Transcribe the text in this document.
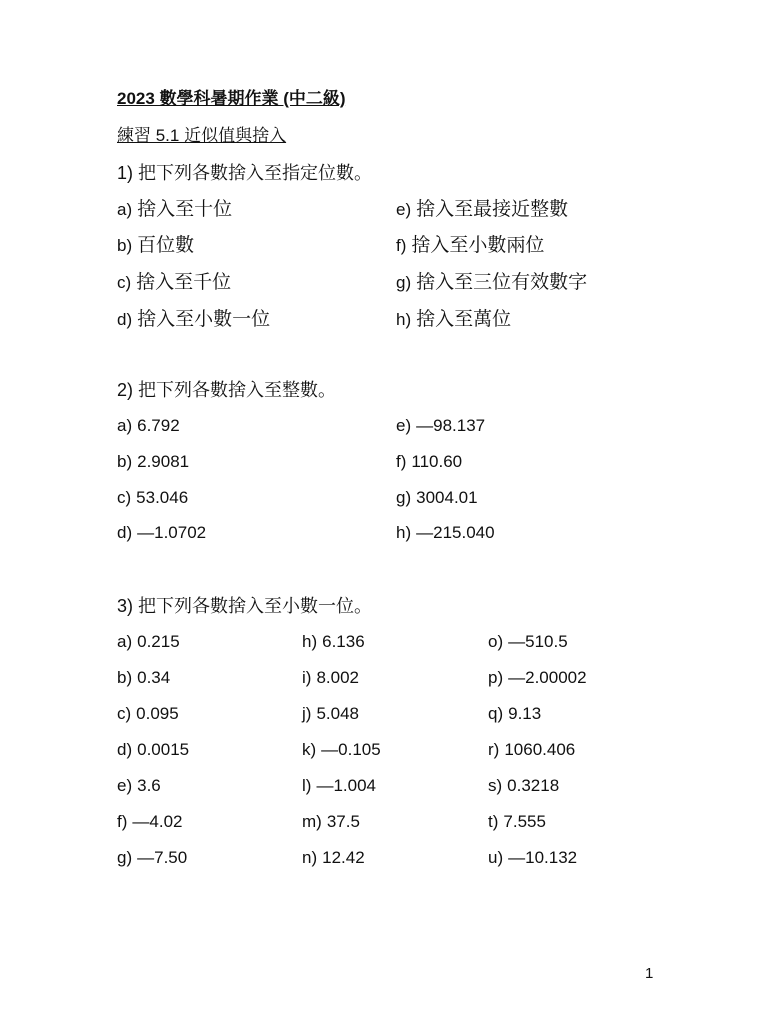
2023 數學科暑期作業 (中二級)
練習 5.1 近似值與捨入
1) 把下列各數捨入至指定位數。
a) 捨入至十位
b) 百位數
c) 捨入至千位
d) 捨入至小數一位
e) 捨入至最接近整數
f) 捨入至小數兩位
g) 捨入至三位有效數字
h) 捨入至萬位
2) 把下列各數捨入至整數。
a) 6.792
b) 2.9081
c) 53.046
d) —1.0702
e) —98.137
f) 110.60
g) 3004.01
h) —215.040
3) 把下列各數捨入至小數一位。
a) 0.215
b) 0.34
c) 0.095
d) 0.0015
e) 3.6
f) —4.02
g) —7.50
h) 6.136
i) 8.002
j) 5.048
k) —0.105
l) —1.004
m) 37.5
n) 12.42
o) —510.5
p) —2.00002
q) 9.13
r) 1060.406
s) 0.3218
t) 7.555
u) —10.132
1
